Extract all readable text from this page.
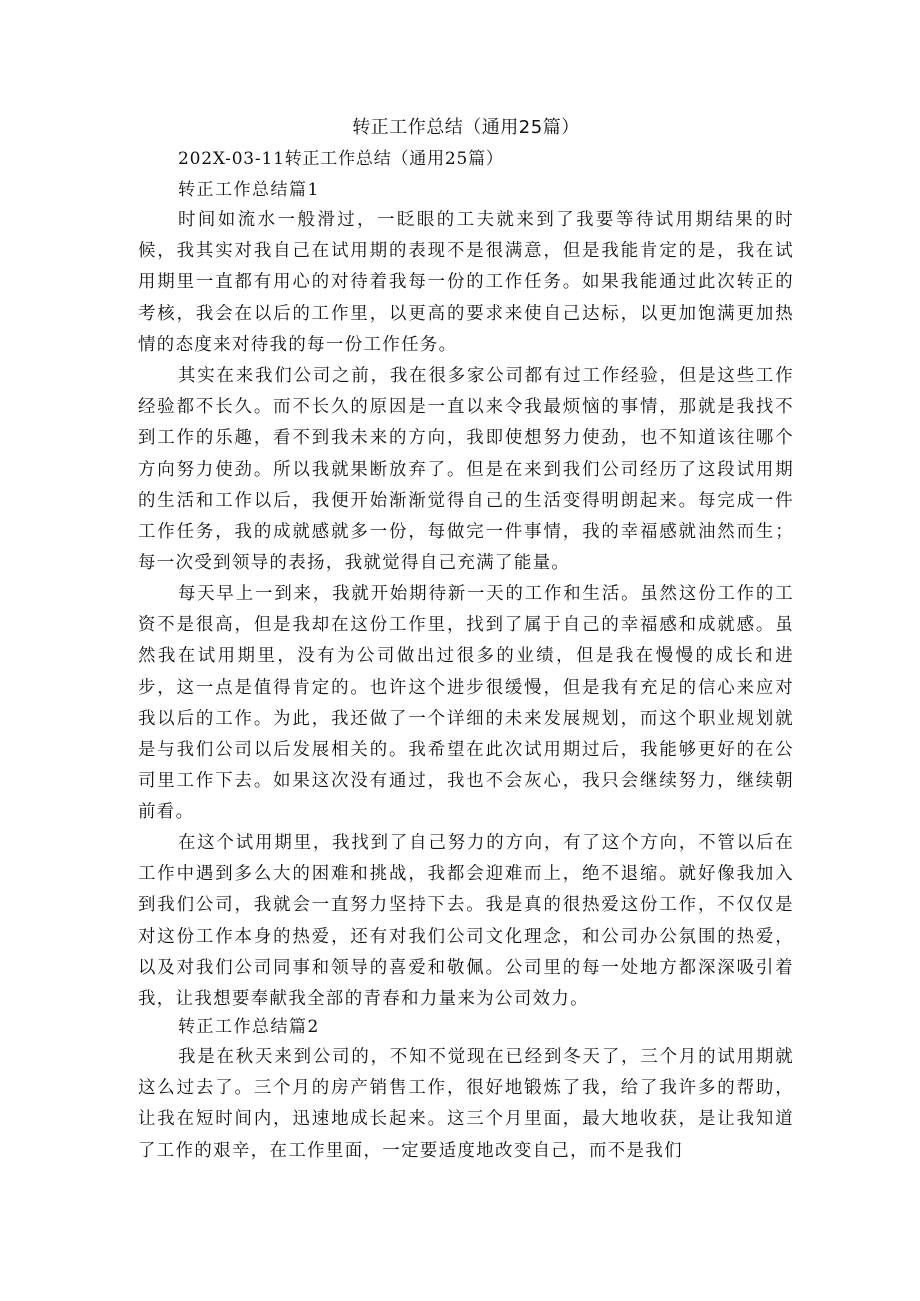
转正工作总结（通用25篇）
202X-03-11转正工作总结（通用25篇）
转正工作总结篇1

时间如流水一般滑过，一眨眼的工夫就来到了我要等待试用期结果的时候，我其实对我自己在试用期的表现不是很满意，但是我能肯定的是，我在试用期里一直都有用心的对待着我每一份的工作任务。如果我能通过此次转正的考核，我会在以后的工作里，以更高的要求来使自己达标，以更加饱满更加热情的态度来对待我的每一份工作任务。

其实在来我们公司之前，我在很多家公司都有过工作经验，但是这些工作经验都不长久。而不长久的原因是一直以来令我最烦恼的事情，那就是我找不到工作的乐趣，看不到我未来的方向，我即使想努力使劲，也不知道该往哪个方向努力使劲。所以我就果断放弃了。但是在来到我们公司经历了这段试用期的生活和工作以后，我便开始渐渐觉得自己的生活变得明朗起来。每完成一件工作任务，我的成就感就多一份，每做完一件事情，我的幸福感就油然而生；每一次受到领导的表扬，我就觉得自己充满了能量。

每天早上一到来，我就开始期待新一天的工作和生活。虽然这份工作的工资不是很高，但是我却在这份工作里，找到了属于自己的幸福感和成就感。虽然我在试用期里，没有为公司做出过很多的业绩，但是我在慢慢的成长和进步，这一点是值得肯定的。也许这个进步很缓慢，但是我有充足的信心来应对我以后的工作。为此，我还做了一个详细的未来发展规划，而这个职业规划就是与我们公司以后发展相关的。我希望在此次试用期过后，我能够更好的在公司里工作下去。如果这次没有通过，我也不会灰心，我只会继续努力，继续朝前看。

在这个试用期里，我找到了自己努力的方向，有了这个方向，不管以后在工作中遇到多么大的困难和挑战，我都会迎难而上，绝不退缩。就好像我加入到我们公司，我就会一直努力坚持下去。我是真的很热爱这份工作，不仅仅是对这份工作本身的热爱，还有对我们公司文化理念，和公司办公氛围的热爱，以及对我们公司同事和领导的喜爱和敬佩。公司里的每一处地方都深深吸引着我，让我想要奉献我全部的青春和力量来为公司效力。

转正工作总结篇2

我是在秋天来到公司的，不知不觉现在已经到冬天了，三个月的试用期就这么过去了。三个月的房产销售工作，很好地锻炼了我，给了我许多的帮助，让我在短时间内，迅速地成长起来。这三个月里面，最大地收获，是让我知道了工作的艰辛，在工作里面，一定要适度地改变自己，而不是我们
